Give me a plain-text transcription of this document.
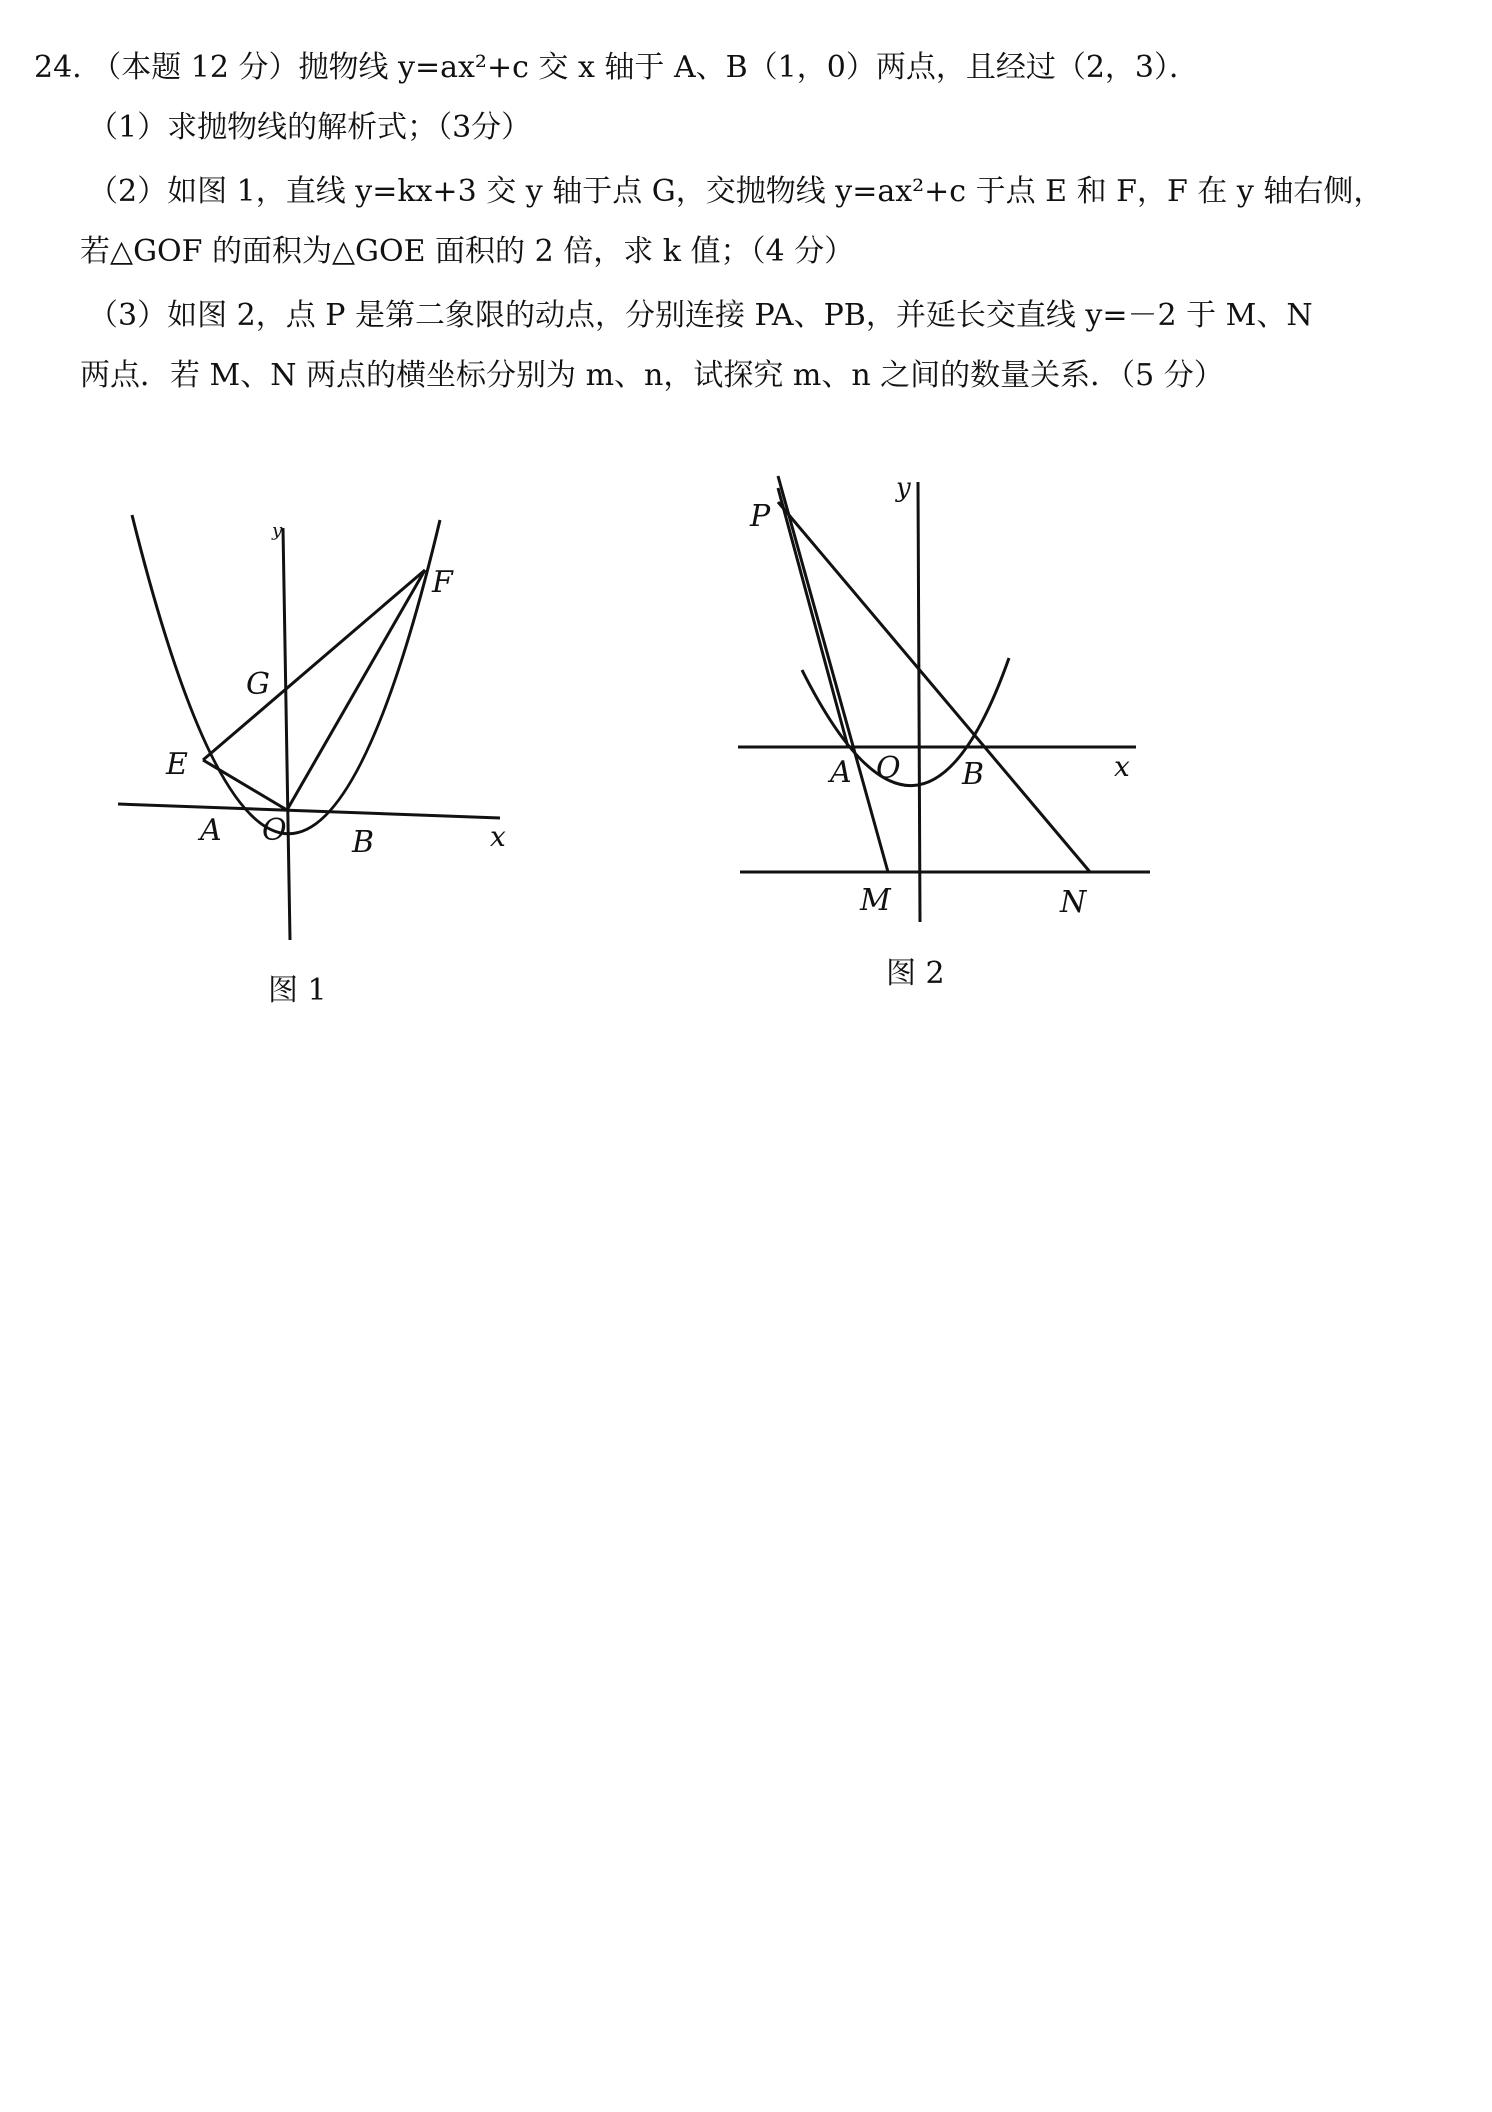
24. （本题 12 分）抛物线 y=ax²+c 交 x 轴于 A、B（1，0）两点，且经过（2，3）．
（1）求抛物线的解析式；（3分）
（2）如图 1，直线 y=kx+3 交 y 轴于点 G，交抛物线 y=ax²+c 于点 E 和 F，F 在 y 轴右侧，
若△GOF 的面积为△GOE 面积的 2 倍，求 k 值；（4 分）
（3）如图 2，点 P 是第二象限的动点，分别连接 PA、PB，并延长交直线 y=－2 于 M、N
两点．若 M、N 两点的横坐标分别为 m、n，试探究 m、n 之间的数量关系．（5 分）
F
G
E
A O B	x
y
图 1
P
y
A O B	x
M	N
图 2
